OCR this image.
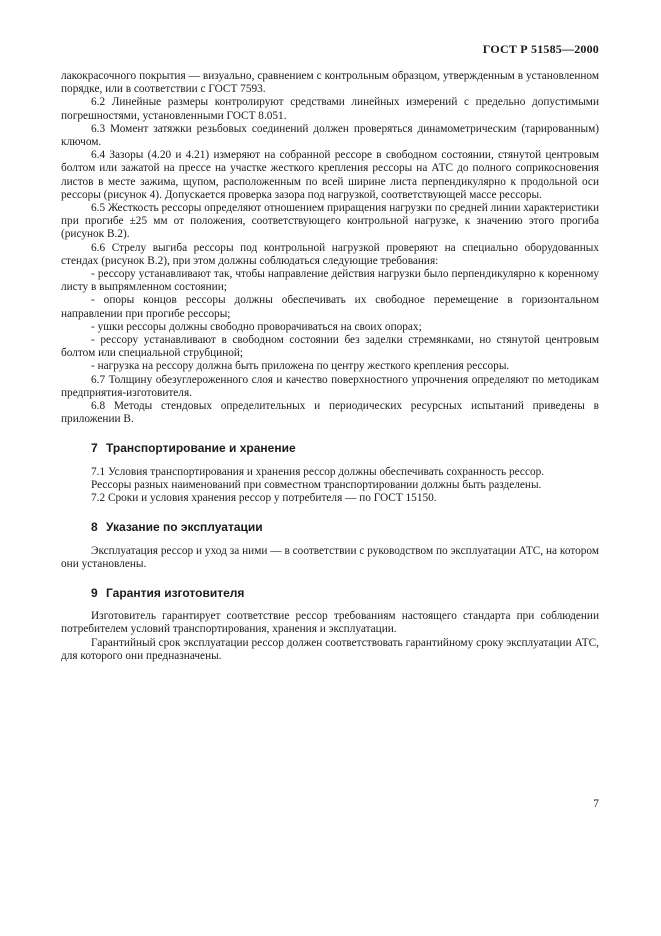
ГОСТ Р 51585—2000

лакокрасочного покрытия — визуально, сравнением с контрольным образцом, утвержденным в установленном порядке, или в соответствии с ГОСТ 7593.

6.2 Линейные размеры контролируют средствами линейных измерений с предельно допустимыми погрешностями, установленными ГОСТ 8.051.

6.3 Момент затяжки резьбовых соединений должен проверяться динамометрическим (тарированным) ключом.

6.4 Зазоры (4.20 и 4.21) измеряют на собранной рессоре в свободном состоянии, стянутой центровым болтом или зажатой на прессе на участке жесткого крепления рессоры на АТС до полного соприкосновения листов в месте зажима, щупом, расположенным по всей ширине листа перпендикулярно к продольной оси рессоры (рисунок 4). Допускается проверка зазора под нагрузкой, соответствующей массе рессоры.

6.5 Жесткость рессоры определяют отношением приращения нагрузки по средней линии характеристики при прогибе ±25 мм от положения, соответствующего контрольной нагрузке, к значению этого прогиба (рисунок В.2).

6.6 Стрелу выгиба рессоры под контрольной нагрузкой проверяют на специально оборудованных стендах (рисунок В.2), при этом должны соблюдаться следующие требования:

- рессору устанавливают так, чтобы направление действия нагрузки было перпендикулярно к коренному листу в выпрямленном состоянии;

- опоры концов рессоры должны обеспечивать их свободное перемещение в горизонтальном направлении при прогибе рессоры;

- ушки рессоры должны свободно проворачиваться на своих опорах;

- рессору устанавливают в свободном состоянии без заделки стремянками, но стянутой центровым болтом или специальной струбциной;

- нагрузка на рессору должна быть приложена по центру жесткого крепления рессоры.

6.7 Толщину обезуглероженного слоя и качество поверхностного упрочнения определяют по методикам предприятия-изготовителя.

6.8 Методы стендовых определительных и периодических ресурсных испытаний приведены в приложении В.

7 Транспортирование и хранение

7.1 Условия транспортирования и хранения рессор должны обеспечивать сохранность рессор.

Рессоры разных наименований при совместном транспортировании должны быть разделены.

7.2 Сроки и условия хранения рессор у потребителя — по ГОСТ 15150.

8 Указание по эксплуатации

Эксплуатация рессор и уход за ними — в соответствии с руководством по эксплуатации АТС, на котором они установлены.

9 Гарантия изготовителя

Изготовитель гарантирует соответствие рессор требованиям настоящего стандарта при соблюдении потребителем условий транспортирования, хранения и эксплуатации.

Гарантийный срок эксплуатации рессор должен соответствовать гарантийному сроку эксплуатации АТС, для которого они предназначены.

7
